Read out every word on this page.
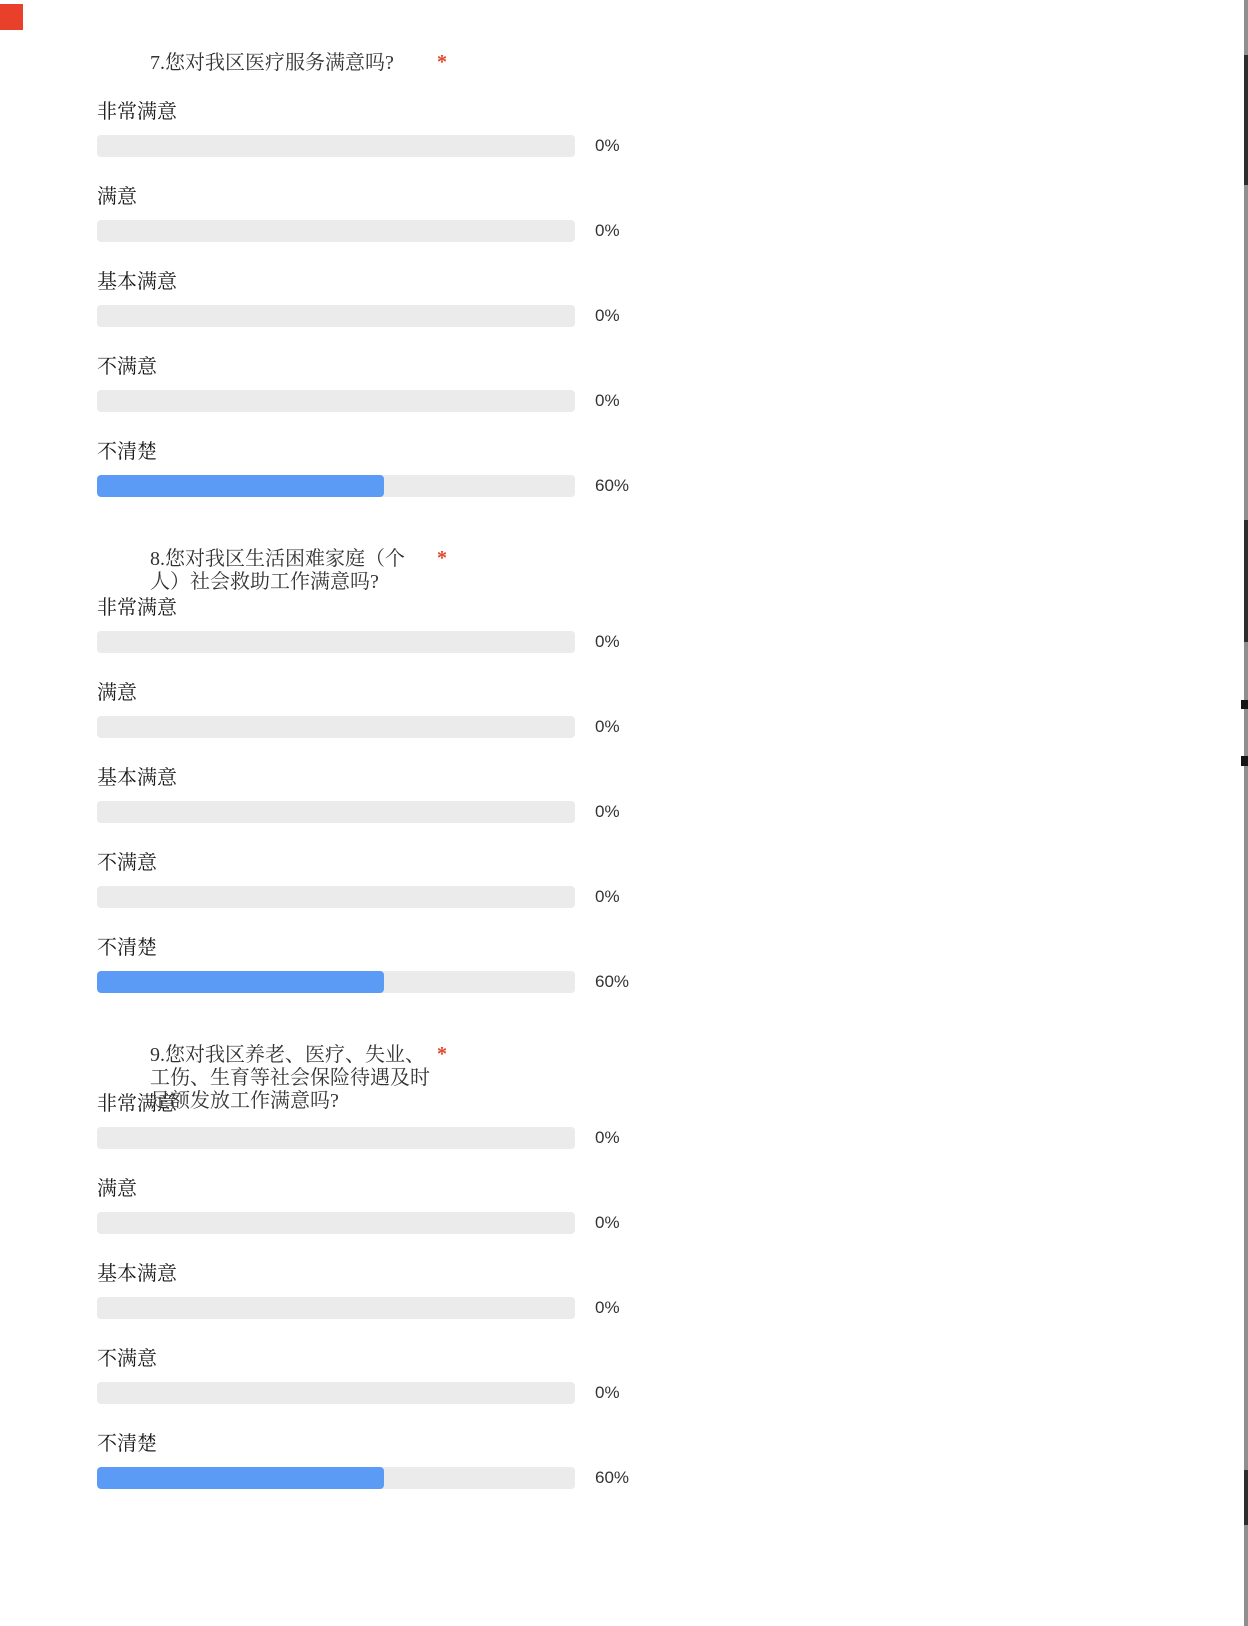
7.您对我区医疗服务满意吗?	*
非常满意
0%
满意
0%
基本满意
0%
不满意
0%
不清楚
60%
8.您对我区生活困难家庭（个
人）社会救助工作满意吗?
*
非常满意
0%
满意
0%
基本满意
0%
不满意
0%
不清楚
60%
9.您对我区养老、医疗、失业、
工伤、生育等社会保险待遇及时
足额发放工作满意吗?
*
非常满意
0%
满意
0%
基本满意
0%
不满意
0%
不清楚
60%
